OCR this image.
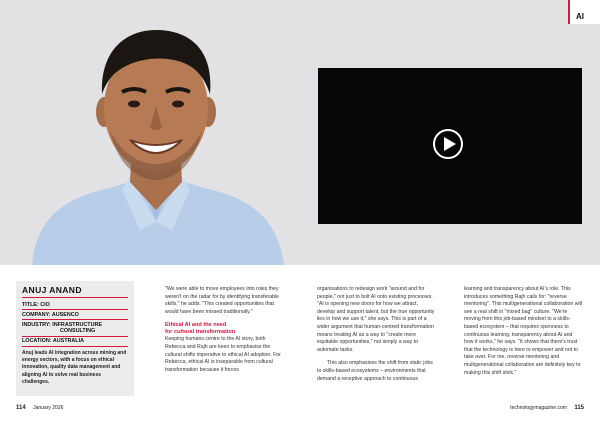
AI
ANUJ ANAND
TITLE: CIO
COMPANY: AUSENCO
INDUSTRY: INFRASTRUCTURE
CONSULTING
LOCATION: AUSTRALIA
Anuj leads AI integration across mining and energy sectors, with a focus on ethical innovation, quality data management and aligning AI to solve real business challenges.

"We were able to move employees into roles they weren't on the radar for by identifying transferable skills," he adds. "This created opportunities that would have been missed traditionally."

Ethical AI and the need
for cultural transformation

Keeping humans centre to the AI story, both Rebecca and Rajh are keen to emphasise the cultural shifts imperative to ethical AI adoption. For Rebecca, ethical AI is inseparable from cultural transformation because it forces

organisations to redesign work "around and for people," not just to bolt AI onto existing processes. "AI is opening new doors for how we attract, develop and support talent, but the true opportunity lies in how we use it," she says. This is part of a wider argument that human-centred transformation means treating AI as a way to "create more equitable opportunities," not simply a way to automate tasks.

This also emphasises the shift from static jobs to skills-based ecosystems – environments that demand a receptive approach to continuous

learning and transparency about AI's role. This introduces something Rajh calls for: "reverse mentoring". This multigenerational collaboration will see a real shift in "mixed bag" culture. "We're moving from this job-based mindset to a skills-based ecosystem – that requires openness to continuous learning, transparency about AI and how it works," he says. "It shows that there's trust that the technology is here to empower and not to take over. For me, reverse mentoring and multigenerational collaboration are definitely key to making this shift stick."

114 January 2026	technologymagazine.com 115
